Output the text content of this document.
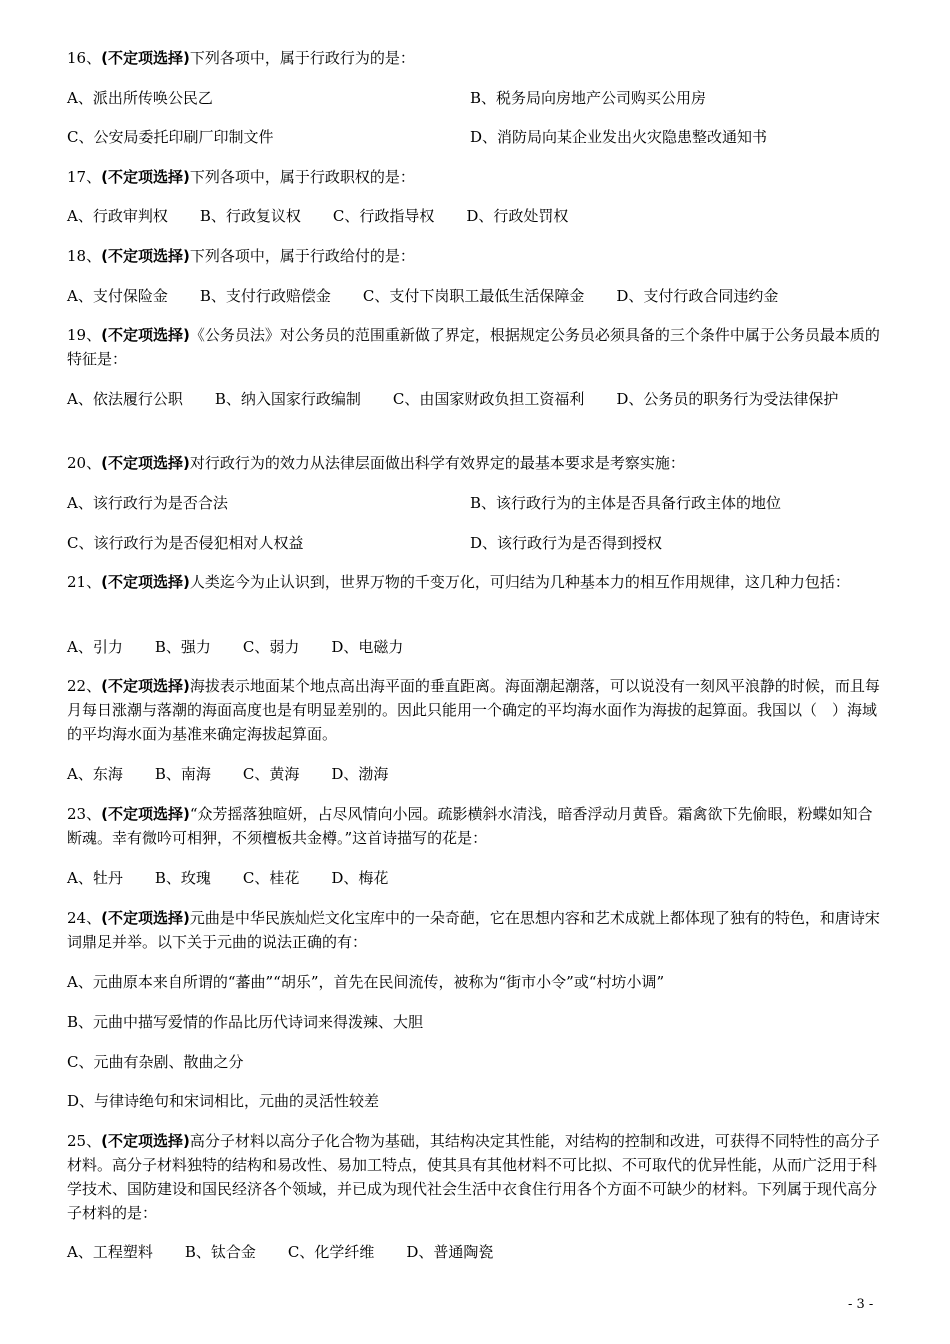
16、(不定项选择)下列各项中，属于行政行为的是：
A、派出所传唤公民乙	B、税务局向房地产公司购买公用房
C、公安局委托印刷厂印制文件	D、消防局向某企业发出火灾隐患整改通知书
17、(不定项选择)下列各项中，属于行政职权的是：
A、行政审判权 B、行政复议权 C、行政指导权 D、行政处罚权
18、(不定项选择)下列各项中，属于行政给付的是：
A、支付保险金 B、支付行政赔偿金 C、支付下岗职工最低生活保障金 D、支付行政合同违约金
19、(不定项选择)《公务员法》对公务员的范围重新做了界定，根据规定公务员必须具备的三个条件中属于公务员最本质的特征是：
A、依法履行公职 B、纳入国家行政编制 C、由国家财政负担工资福利 D、公务员的职务行为受法律保护
20、(不定项选择)对行政行为的效力从法律层面做出科学有效界定的最基本要求是考察实施：
A、该行政行为是否合法	B、该行政行为的主体是否具备行政主体的地位
C、该行政行为是否侵犯相对人权益	D、该行政行为是否得到授权
21、(不定项选择)人类迄今为止认识到，世界万物的千变万化，可归结为几种基本力的相互作用规律，这几种力包括：
A、引力 B、强力 C、弱力 D、电磁力
22、(不定项选择)海拔表示地面某个地点高出海平面的垂直距离。海面潮起潮落，可以说没有一刻风平浪静的时候，而且每月每日涨潮与落潮的海面高度也是有明显差别的。因此只能用一个确定的平均海水面作为海拔的起算面。我国以（　）海域的平均海水面为基准来确定海拔起算面。
A、东海 B、南海 C、黄海 D、渤海
23、(不定项选择)“众芳摇落独暄妍，占尽风情向小园。疏影横斜水清浅，暗香浮动月黄昏。霜禽欲下先偷眼，粉蝶如知合断魂。幸有微吟可相狎，不须檀板共金樽。”这首诗描写的花是：
A、牡丹 B、玫瑰 C、桂花 D、梅花
24、(不定项选择)元曲是中华民族灿烂文化宝库中的一朵奇葩，它在思想内容和艺术成就上都体现了独有的特色，和唐诗宋词鼎足并举。以下关于元曲的说法正确的有：
A、元曲原本来自所谓的“蕃曲”“胡乐”，首先在民间流传，被称为“街市小令”或“村坊小调”
B、元曲中描写爱情的作品比历代诗词来得泼辣、大胆
C、元曲有杂剧、散曲之分
D、与律诗绝句和宋词相比，元曲的灵活性较差
25、(不定项选择)高分子材料以高分子化合物为基础，其结构决定其性能，对结构的控制和改进，可获得不同特性的高分子材料。高分子材料独特的结构和易改性、易加工特点，使其具有其他材料不可比拟、不可取代的优异性能，从而广泛用于科学技术、国防建设和国民经济各个领域，并已成为现代社会生活中衣食住行用各个方面不可缺少的材料。下列属于现代高分子材料的是：
A、工程塑料 B、钛合金 C、化学纤维 D、普通陶瓷
- 3 -
